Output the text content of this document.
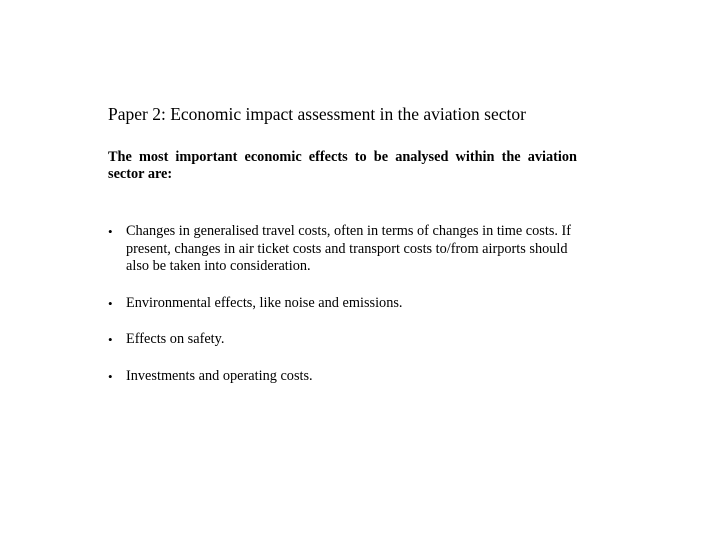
Paper 2: Economic impact assessment in the aviation sector
The most important economic effects to be analysed within the aviation sector are:
• Changes in generalised travel costs, often in terms of changes in time costs. If present, changes in air ticket costs and transport costs to/from airports should also be taken into consideration.
• Environmental effects, like noise and emissions.
• Effects on safety.
• Investments and operating costs.
